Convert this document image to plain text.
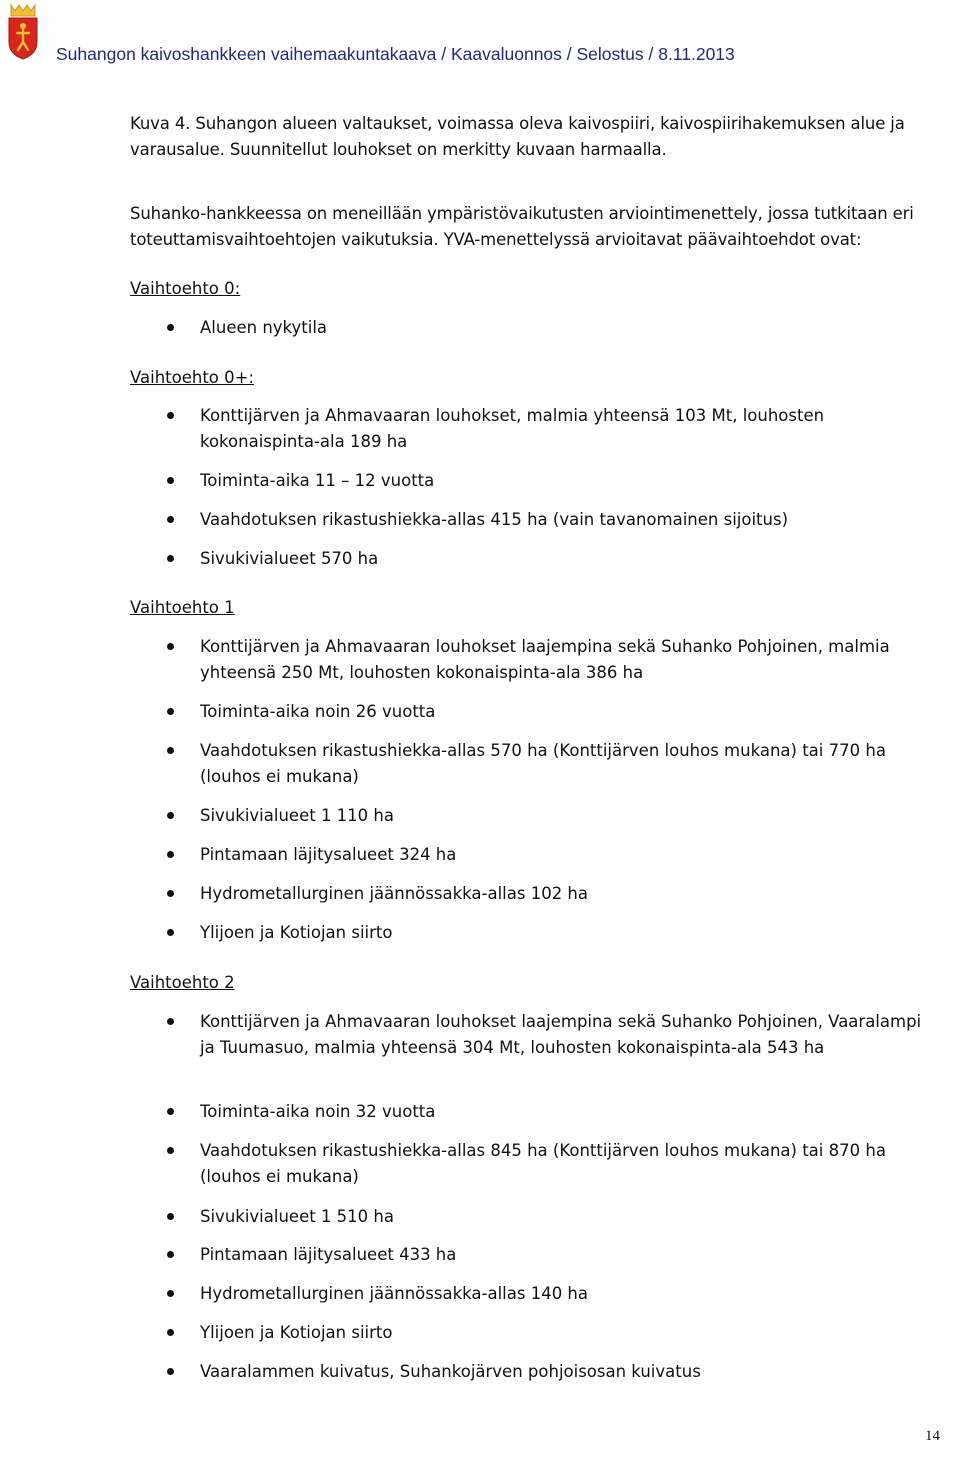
Suhangon kaivoshankkeen vaihemaakuntakaava / Kaavaluonnos / Selostus / 8.11.2013
Kuva 4. Suhangon alueen valtaukset, voimassa oleva kaivospiiri, kaivospiirihakemuksen alue ja varausalue. Suunnitellut louhokset on merkitty kuvaan harmaalla.
Suhanko-hankkeessa on meneillään ympäristövaikutusten arviointimenettely, jossa tutkitaan eri toteuttamisvaihtoehtojen vaikutuksia. YVA-menettelyssä arvioitavat päävaihtoehdot ovat:
Vaihtoehto 0:
Alueen nykytila
Vaihtoehto 0+:
Konttijärven ja Ahmavaaran louhokset, malmia yhteensä 103 Mt, louhosten kokonaispinta-ala 189 ha
Toiminta-aika 11 – 12 vuotta
Vaahdotuksen rikastushiekka-allas 415 ha (vain tavanomainen sijoitus)
Sivukivialueet 570 ha
Vaihtoehto 1
Konttijärven ja Ahmavaaran louhokset laajempina sekä Suhanko Pohjoinen, malmia yhteensä 250 Mt, louhosten kokonaispinta-ala 386 ha
Toiminta-aika noin 26 vuotta
Vaahdotuksen rikastushiekka-allas 570 ha (Konttijärven louhos mukana) tai 770 ha (louhos ei mukana)
Sivukivialueet 1 110 ha
Pintamaan läjitysalueet 324 ha
Hydrometallurginen jäännössakka-allas 102 ha
Ylijoen ja Kotiojan siirto
Vaihtoehto 2
Konttijärven ja Ahmavaaran louhokset laajempina sekä Suhanko Pohjoinen, Vaaralampi ja Tuumasuo, malmia yhteensä 304 Mt, louhosten kokonaispinta-ala 543 ha
Toiminta-aika noin 32 vuotta
Vaahdotuksen rikastushiekka-allas 845 ha (Konttijärven louhos mukana) tai 870 ha (louhos ei mukana)
Sivukivialueet 1 510 ha
Pintamaan läjitysalueet 433 ha
Hydrometallurginen jäännössakka-allas 140 ha
Ylijoen ja Kotiojan siirto
Vaaralammen kuivatus, Suhankojärven pohjoisosan kuivatus
14
